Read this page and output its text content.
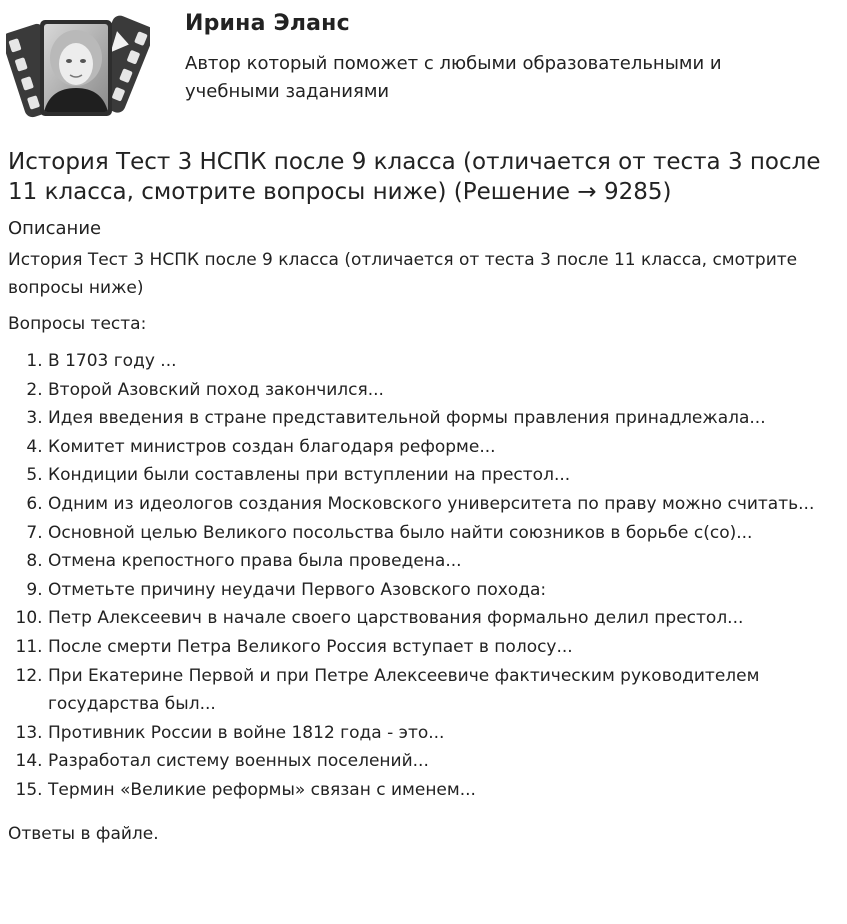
Ирина Эланс
Автор который поможет с любыми образовательными и учебными заданиями
История Тест 3 НСПК после 9 класса (отличается от теста 3 после 11 класса, смотрите вопросы ниже) (Решение → 9285)
Описание
История Тест 3 НСПК после 9 класса (отличается от теста 3 после 11 класса, смотрите вопросы ниже)
Вопросы теста:
1. В 1703 году ...
2. Второй Азовский поход закончился...
3. Идея введения в стране представительной формы правления принадлежала...
4. Комитет министров создан благодаря реформе...
5. Кондиции были составлены при вступлении на престол...
6. Одним из идеологов создания Московского университета по праву можно считать...
7. Основной целью Великого посольства было найти союзников в борьбе с(со)...
8. Отмена крепостного права была проведена...
9. Отметьте причину неудачи Первого Азовского похода:
10. Петр Алексеевич в начале своего царствования формально делил престол...
11. После смерти Петра Великого Россия вступает в полосу...
12. При Екатерине Первой и при Петре Алексеевиче фактическим руководителем государства был...
13. Противник России в войне 1812 года - это...
14. Разработал систему военных поселений...
15. Термин «Великие реформы» связан с именем...
Ответы в файле.
